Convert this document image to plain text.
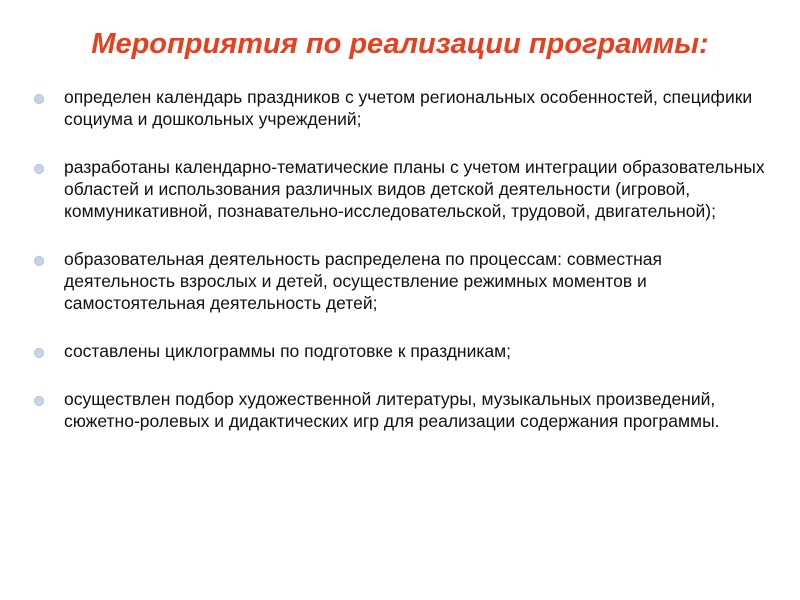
Мероприятия по реализации программы:
определен календарь праздников с учетом региональных особенностей, специфики социума и дошкольных учреждений;
разработаны календарно-тематические планы с учетом интеграции образовательных областей и использования различных видов детской деятельности (игровой, коммуникативной, познавательно-исследовательской, трудовой, двигательной);
образовательная деятельность распределена по процессам: совместная деятельность взрослых и детей, осуществление режимных моментов и самостоятельная деятельность детей;
составлены циклограммы по подготовке к праздникам;
осуществлен подбор художественной литературы, музыкальных произведений, сюжетно-ролевых и дидактических игр для реализации содержания программы.
